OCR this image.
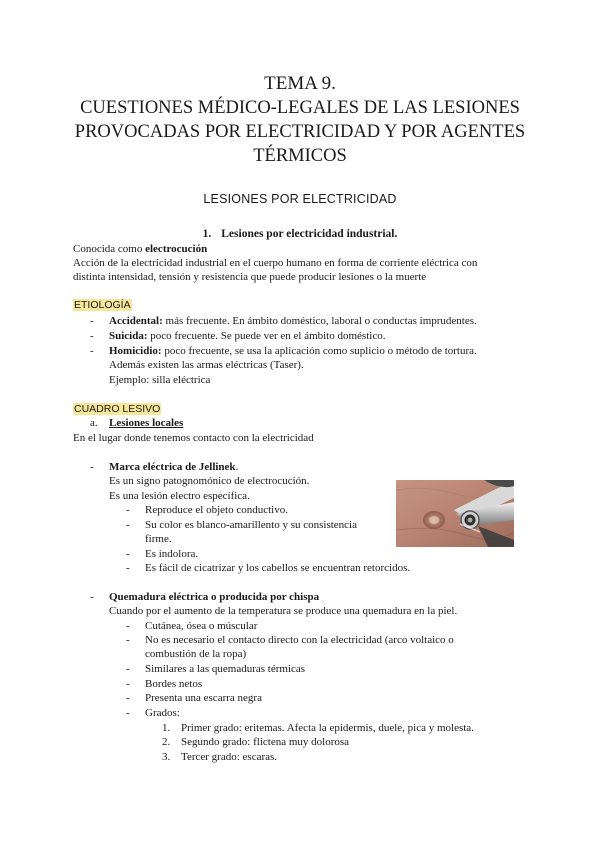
TEMA 9.
CUESTIONES MÉDICO-LEGALES DE LAS LESIONES
PROVOCADAS POR ELECTRICIDAD Y POR AGENTES
TÉRMICOS
LESIONES POR ELECTRICIDAD
1. Lesiones por electricidad industrial.
Conocida como electrocución
Acción de la electricidad industrial en el cuerpo humano en forma de corriente eléctrica con
distinta intensidad, tensión y resistencia que puede producir lesiones o la muerte
ETIOLOGÍA
-	Accidental: más frecuente. En ámbito doméstico, laboral o conductas imprudentes.
-	Suicida: poco frecuente. Se puede ver en el ámbito doméstico.
-	Homicidio: poco frecuente, se usa la aplicación como suplicio o método de tortura.
Además existen las armas eléctricas (Taser).
Ejemplo: silla eléctrica
CUADRO LESIVO
a. Lesiones locales
En el lugar donde tenemos contacto con la electricidad
-	Marca eléctrica de Jellinek.
Es un signo patognomónico de electrocución.
Es una lesión electro específica.
-	Reproduce el objeto conductivo.
-	Su color es blanco-amarillento y su consistencia
firme.
-	Es indolora.
-	Es fácil de cicatrizar y los cabellos se encuentran retorcidos.
-	Quemadura eléctrica o producida por chispa
Cuando por el aumento de la temperatura se produce una quemadura en la piel.
-	Cutánea, ósea o múscular
-	No es necesario el contacto directo con la electricidad (arco voltaico o
combustión de la ropa)
-	Similares a las quemaduras térmicas
-	Bordes netos
-	Presenta una escarra negra
-	Grados:
1. Primer grado: eritemas. Afecta la epidermis, duele, pica y molesta.
2. Segundo grado: flictena muy dolorosa
3. Tercer grado: escaras.
